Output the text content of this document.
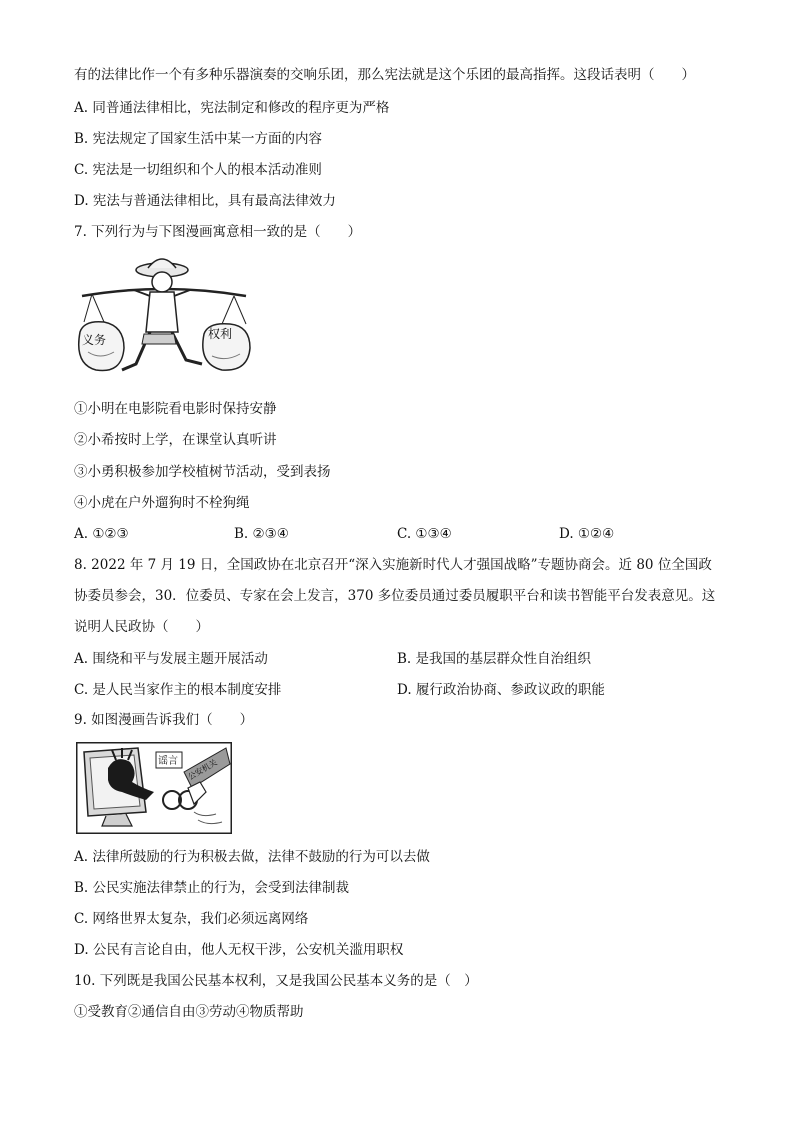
有的法律比作一个有多种乐器演奏的交响乐团，那么宪法就是这个乐团的最高指挥。这段话表明（　　）
A. 同普通法律相比，宪法制定和修改的程序更为严格
B. 宪法规定了国家生活中某一方面的内容
C. 宪法是一切组织和个人的根本活动准则
D. 宪法与普通法律相比，具有最高法律效力
7. 下列行为与下图漫画寓意相一致的是（　　）
义务	权利
①小明在电影院看电影时保持安静
②小希按时上学，在课堂认真听讲
③小勇积极参加学校植树节活动，受到表扬
④小虎在户外遛狗时不栓狗绳
A. ①②③	B. ②③④	C. ①③④	D. ①②④
8. 2022 年 7 月 19 日，全国政协在北京召开“深入实施新时代人才强国战略”专题协商会。近 80 位全国政
协委员参会，30．位委员、专家在会上发言，370 多位委员通过委员履职平台和读书智能平台发表意见。这
说明人民政协（　　）
A. 围绕和平与发展主题开展活动	B. 是我国的基层群众性自治组织
C. 是人民当家作主的根本制度安排	D. 履行政治协商、参政议政的职能
9. 如图漫画告诉我们（　　）
谣言 公安机关
A. 法律所鼓励的行为积极去做，法律不鼓励的行为可以去做
B. 公民实施法律禁止的行为，会受到法律制裁
C. 网络世界太复杂，我们必须远离网络
D. 公民有言论自由，他人无权干涉，公安机关滥用职权
10. 下列既是我国公民基本权利，又是我国公民基本义务的是（　）
①受教育②通信自由③劳动④物质帮助
